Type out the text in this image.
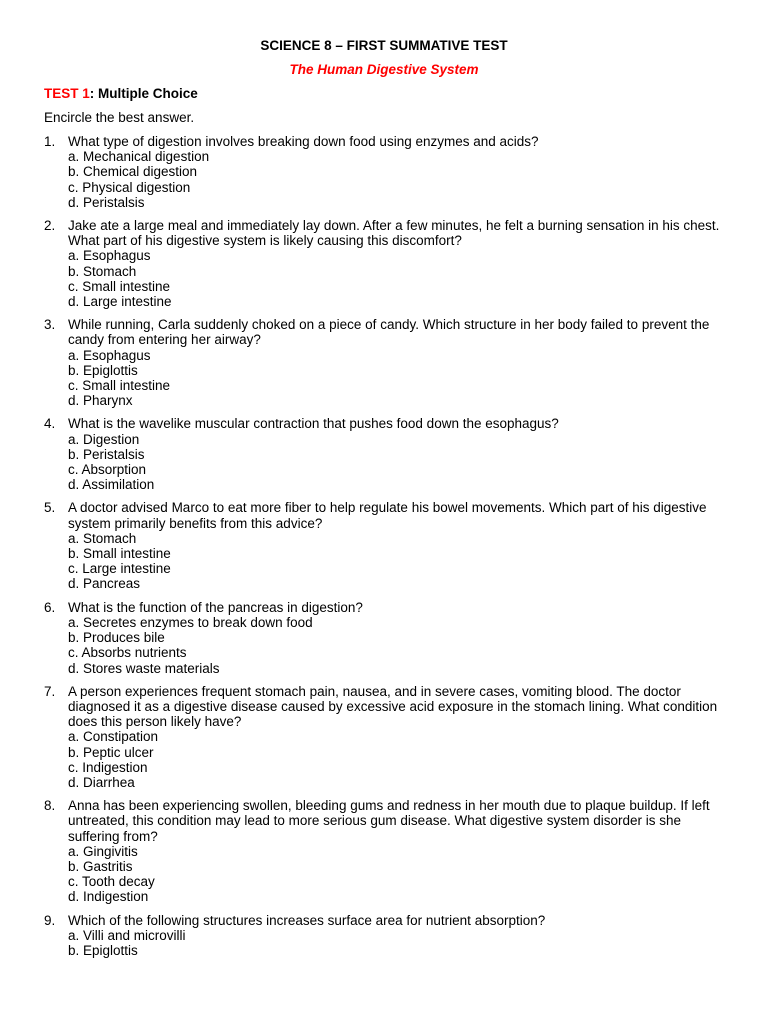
SCIENCE 8 – FIRST SUMMATIVE TEST
The Human Digestive System
TEST 1: Multiple Choice
Encircle the best answer.
1. What type of digestion involves breaking down food using enzymes and acids?
a. Mechanical digestion
b. Chemical digestion
c. Physical digestion
d. Peristalsis
2. Jake ate a large meal and immediately lay down. After a few minutes, he felt a burning sensation in his chest. What part of his digestive system is likely causing this discomfort?
a. Esophagus
b. Stomach
c. Small intestine
d. Large intestine
3. While running, Carla suddenly choked on a piece of candy. Which structure in her body failed to prevent the candy from entering her airway?
a. Esophagus
b. Epiglottis
c. Small intestine
d. Pharynx
4. What is the wavelike muscular contraction that pushes food down the esophagus?
a. Digestion
b. Peristalsis
c. Absorption
d. Assimilation
5. A doctor advised Marco to eat more fiber to help regulate his bowel movements. Which part of his digestive system primarily benefits from this advice?
a. Stomach
b. Small intestine
c. Large intestine
d. Pancreas
6. What is the function of the pancreas in digestion?
a. Secretes enzymes to break down food
b. Produces bile
c. Absorbs nutrients
d. Stores waste materials
7. A person experiences frequent stomach pain, nausea, and in severe cases, vomiting blood. The doctor diagnosed it as a digestive disease caused by excessive acid exposure in the stomach lining. What condition does this person likely have?
a. Constipation
b. Peptic ulcer
c. Indigestion
d. Diarrhea
8. Anna has been experiencing swollen, bleeding gums and redness in her mouth due to plaque buildup. If left untreated, this condition may lead to more serious gum disease. What digestive system disorder is she suffering from?
a. Gingivitis
b. Gastritis
c. Tooth decay
d. Indigestion
9. Which of the following structures increases surface area for nutrient absorption?
a. Villi and microvilli
b. Epiglottis
